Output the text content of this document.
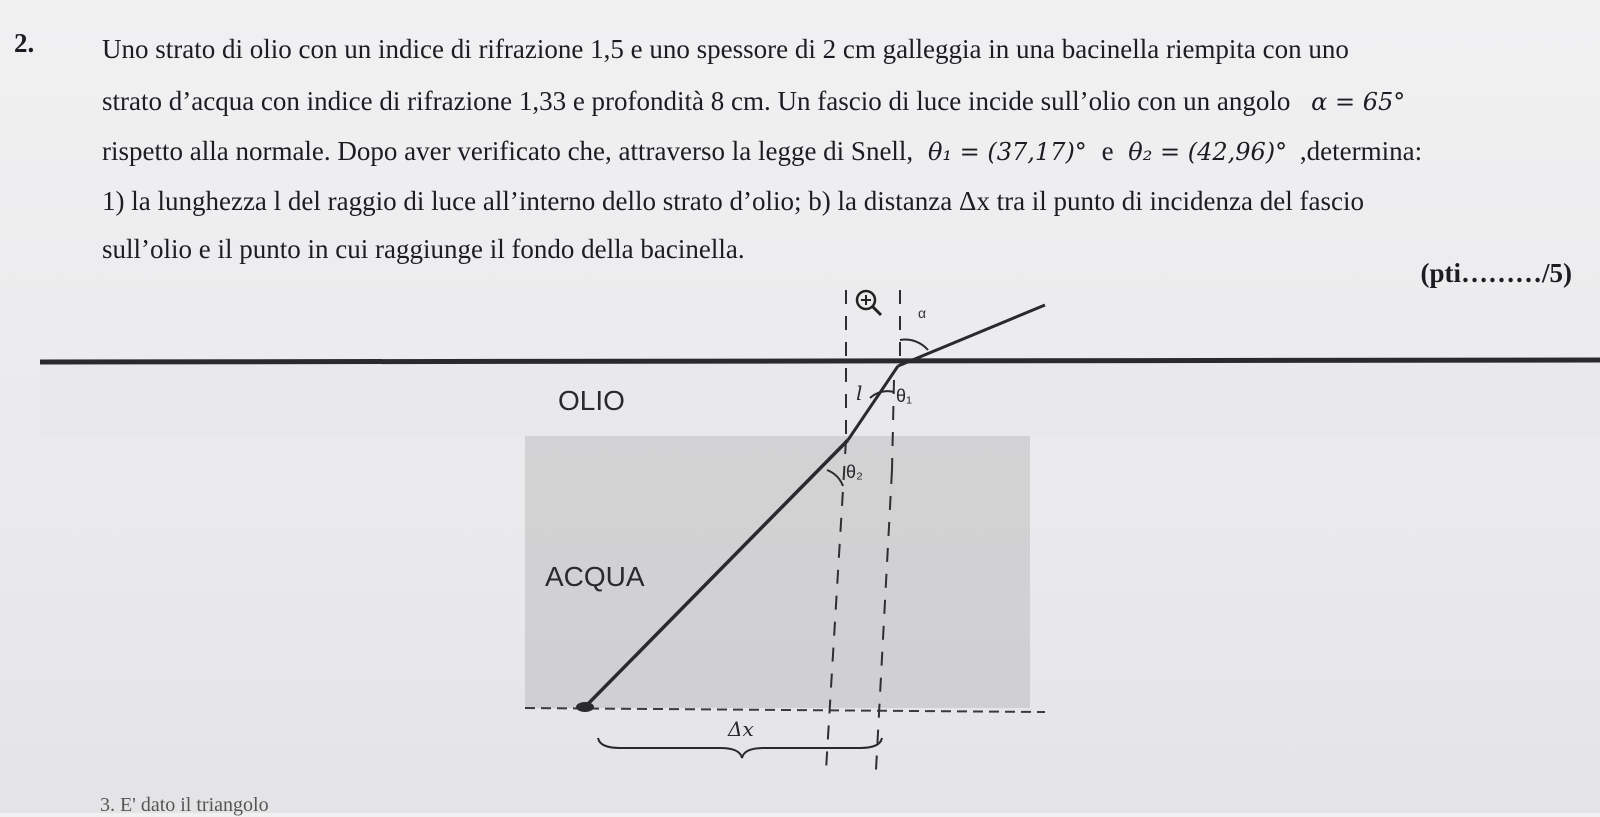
Uno strato di olio con un indice di rifrazione 1,5 e uno spessore di 2 cm galleggia in una bacinella riempita con uno
strato d’acqua con indice di rifrazione 1,33 e profondità 8 cm. Un fascio di luce incide sull’olio con un angolo α = 65°
rispetto alla normale. Dopo aver verificato che, attraverso la legge di Snell, θ₁ = (37,17)° e θ₂ = (42,96)° ,determina:
1) la lunghezza l del raggio di luce all’interno dello strato d’olio; b) la distanza Δx tra il punto di incidenza del fascio
sull’olio e il punto in cui raggiunge il fondo della bacinella.
2.
(pti………/5)
α
OLIO
ACQUA
l θ₁
θ₂
Δx
3. E' dato il triangolo
